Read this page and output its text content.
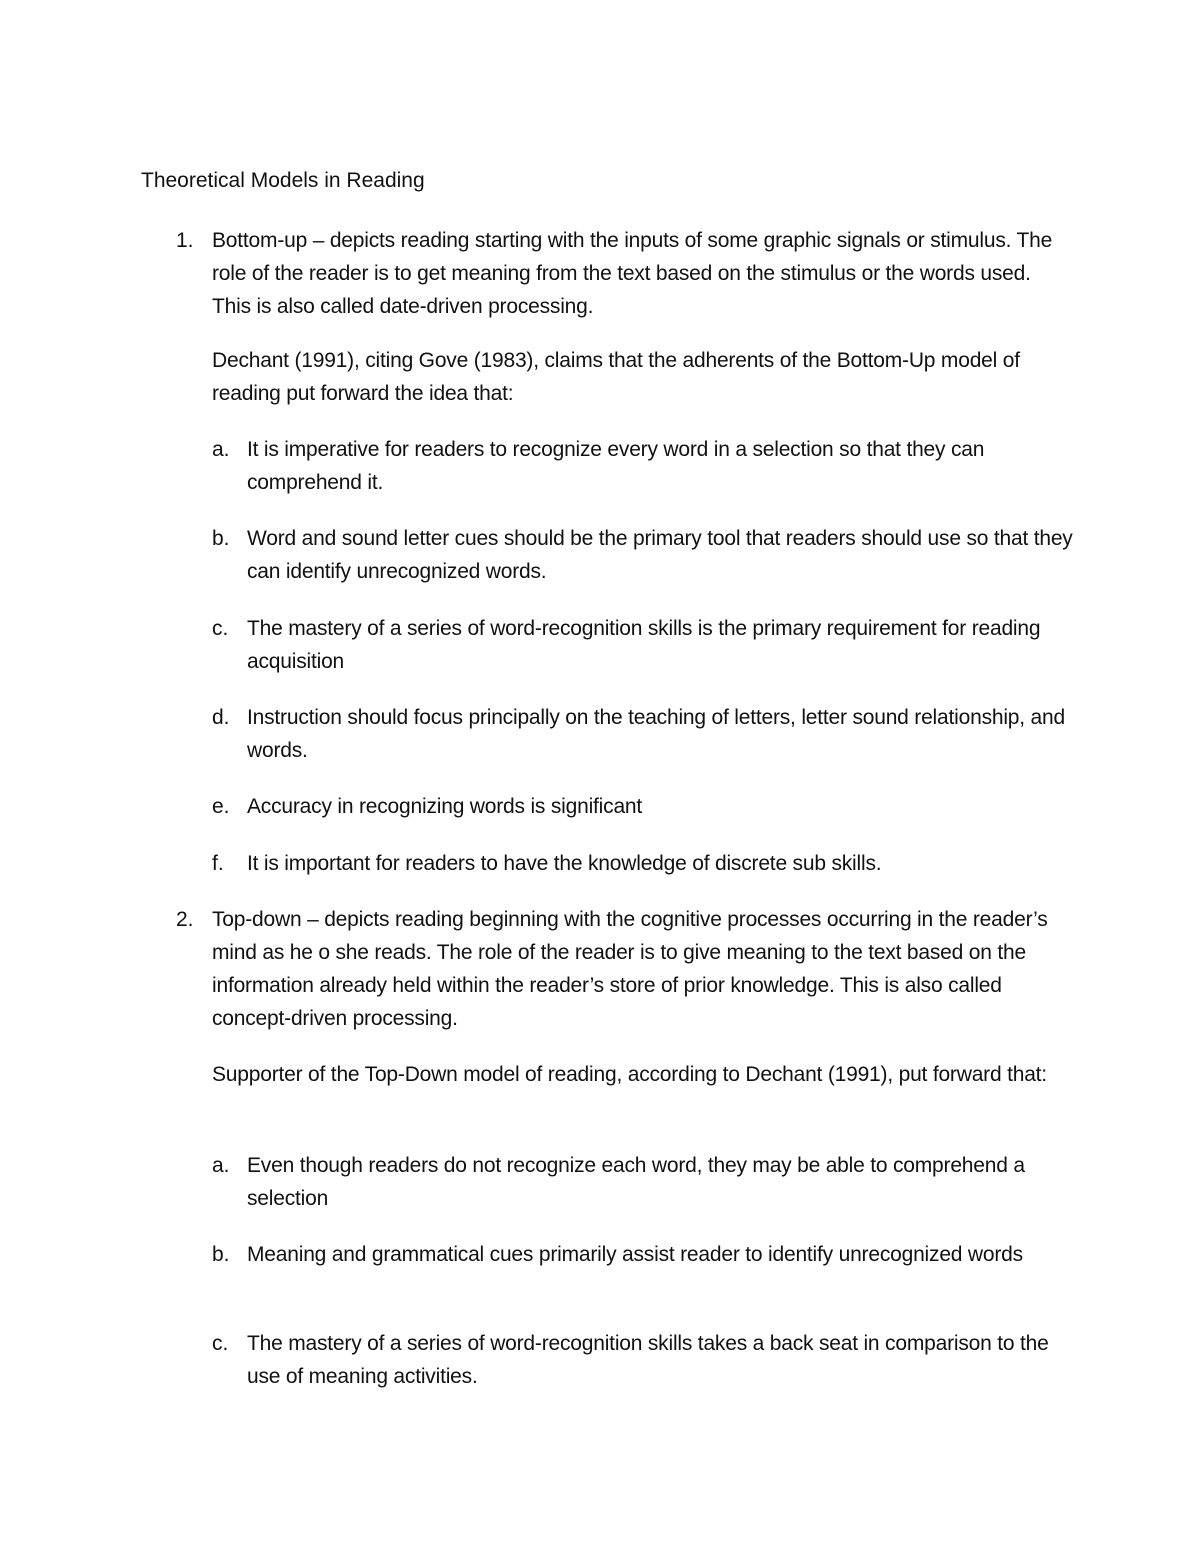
Theoretical Models in Reading
1. Bottom-up – depicts reading starting with the inputs of some graphic signals or stimulus. The role of the reader is to get meaning from the text based on the stimulus or the words used. This is also called date-driven processing.
Dechant (1991), citing Gove (1983), claims that the adherents of the Bottom-Up model of reading put forward the idea that:
a. It is imperative for readers to recognize every word in a selection so that they can comprehend it.
b. Word and sound letter cues should be the primary tool that readers should use so that they can identify unrecognized words.
c. The mastery of a series of word-recognition skills is the primary requirement for reading acquisition
d. Instruction should focus principally on the teaching of letters, letter sound relationship, and words.
e. Accuracy in recognizing words is significant
f. It is important for readers to have the knowledge of discrete sub skills.
2. Top-down – depicts reading beginning with the cognitive processes occurring in the reader’s mind as he o she reads. The role of the reader is to give meaning to the text based on the information already held within the reader’s store of prior knowledge. This is also called concept-driven processing.
Supporter of the Top-Down model of reading, according to Dechant (1991), put forward that:
a. Even though readers do not recognize each word, they may be able to comprehend a selection
b. Meaning and grammatical cues primarily assist reader to identify unrecognized words
c. The mastery of a series of word-recognition skills takes a back seat in comparison to the use of meaning activities.
